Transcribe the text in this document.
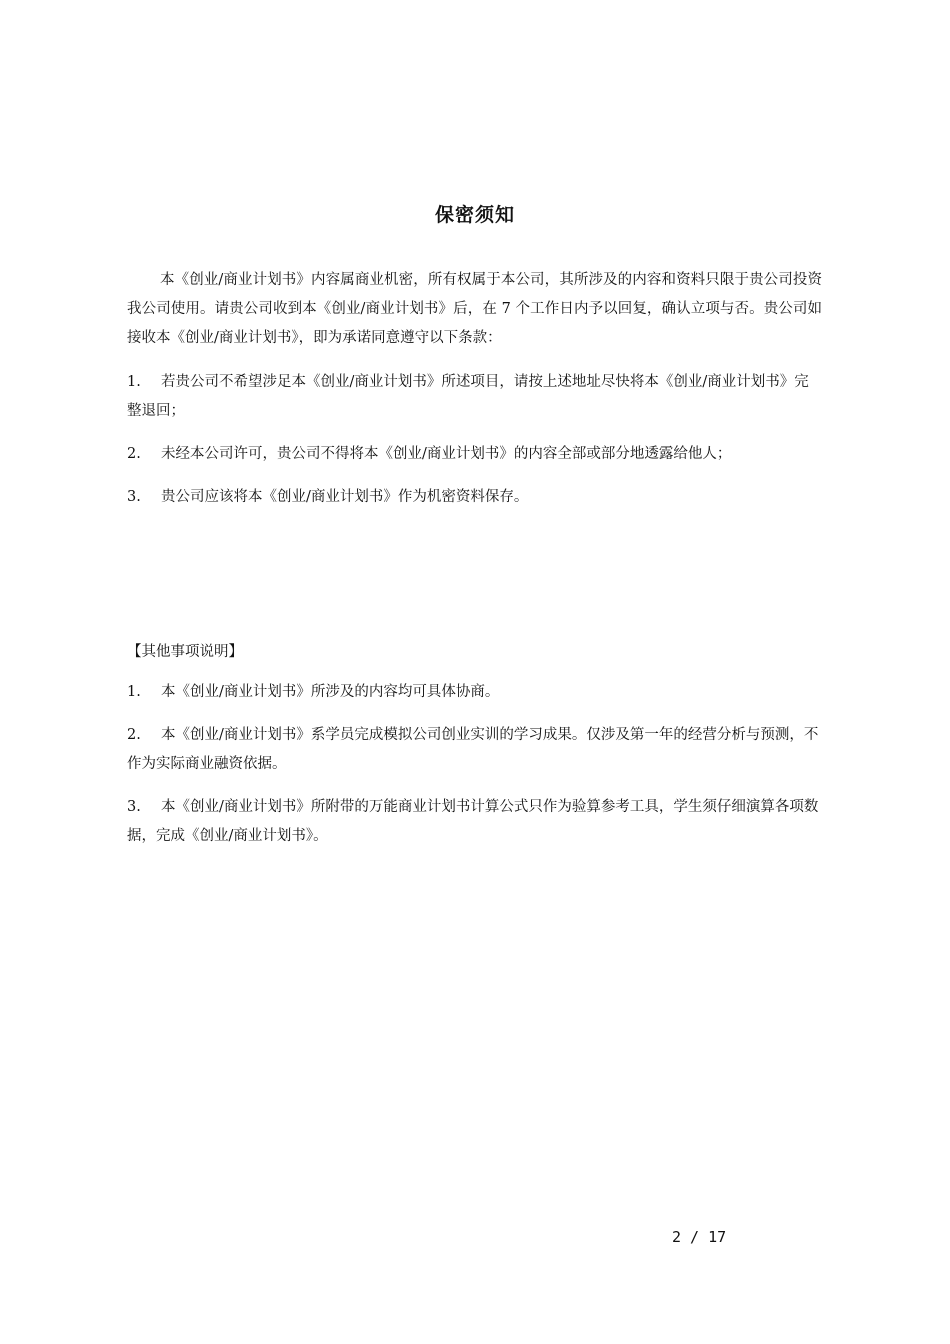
保密须知
本《创业/商业计划书》内容属商业机密，所有权属于本公司，其所涉及的内容和资料只限于贵公司投资我公司使用。请贵公司收到本《创业/商业计划书》后，在 7 个工作日内予以回复，确认立项与否。贵公司如接收本《创业/商业计划书》，即为承诺同意遵守以下条款：
1. 若贵公司不希望涉足本《创业/商业计划书》所述项目，请按上述地址尽快将本《创业/商业计划书》完整退回；
2. 未经本公司许可，贵公司不得将本《创业/商业计划书》的内容全部或部分地透露给他人；
3. 贵公司应该将本《创业/商业计划书》作为机密资料保存。
【其他事项说明】
1. 本《创业/商业计划书》所涉及的内容均可具体协商。
2. 本《创业/商业计划书》系学员完成模拟公司创业实训的学习成果。仅涉及第一年的经营分析与预测，不作为实际商业融资依据。
3. 本《创业/商业计划书》所附带的万能商业计划书计算公式只作为验算参考工具，学生须仔细演算各项数据，完成《创业/商业计划书》。
2 / 17
